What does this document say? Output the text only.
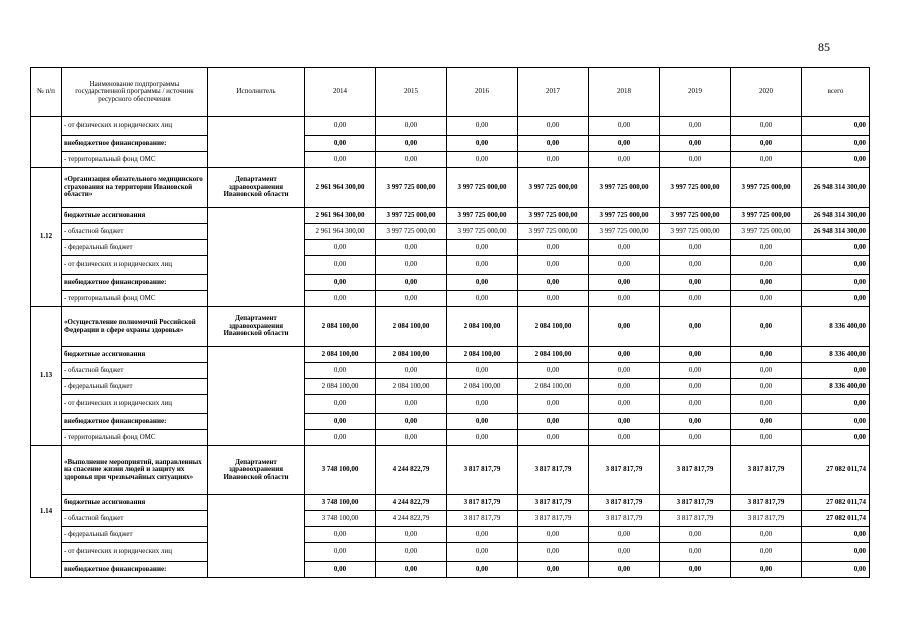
85
№ п/п	Наименование подпрограммы государственной программы / источник ресурсного обеспечения	Исполнитель	2014	2015	2016	2017	2018	2019	2020	всего
	- от физических и юридических лиц		0,00	0,00	0,00	0,00	0,00	0,00	0,00	0,00
	внебюджетное финансирование:		0,00	0,00	0,00	0,00	0,00	0,00	0,00	0,00
	- территориальный фонд ОМС		0,00	0,00	0,00	0,00	0,00	0,00	0,00	0,00
1.12	«Организация обязательного медицинского страхования на территории Ивановской области»	Департамент здравоохранения Ивановской области	2 961 964 300,00	3 997 725 000,00	3 997 725 000,00	3 997 725 000,00	3 997 725 000,00	3 997 725 000,00	3 997 725 000,00	26 948 314 300,00
	бюджетные ассигнования		2 961 964 300,00	3 997 725 000,00	3 997 725 000,00	3 997 725 000,00	3 997 725 000,00	3 997 725 000,00	3 997 725 000,00	26 948 314 300,00
	- областной бюджет		2 961 964 300,00	3 997 725 000,00	3 997 725 000,00	3 997 725 000,00	3 997 725 000,00	3 997 725 000,00	3 997 725 000,00	26 948 314 300,00
	- федеральный бюджет		0,00	0,00	0,00	0,00	0,00	0,00	0,00	0,00
	- от физических и юридических лиц		0,00	0,00	0,00	0,00	0,00	0,00	0,00	0,00
	внебюджетное финансирование:		0,00	0,00	0,00	0,00	0,00	0,00	0,00	0,00
	- территориальный фонд ОМС		0,00	0,00	0,00	0,00	0,00	0,00	0,00	0,00
1.13	«Осуществление полномочий Российской Федерации в сфере охраны здоровья»	Департамент здравоохранения Ивановской области	2 084 100,00	2 084 100,00	2 084 100,00	2 084 100,00	0,00	0,00	0,00	8 336 400,00
	бюджетные ассигнования		2 084 100,00	2 084 100,00	2 084 100,00	2 084 100,00	0,00	0,00	0,00	8 336 400,00
	- областной бюджет		0,00	0,00	0,00	0,00	0,00	0,00	0,00	0,00
	- федеральный бюджет		2 084 100,00	2 084 100,00	2 084 100,00	2 084 100,00	0,00	0,00	0,00	8 336 400,00
	- от физических и юридических лиц		0,00	0,00	0,00	0,00	0,00	0,00	0,00	0,00
	внебюджетное финансирование:		0,00	0,00	0,00	0,00	0,00	0,00	0,00	0,00
	- территориальный фонд ОМС		0,00	0,00	0,00	0,00	0,00	0,00	0,00	0,00
1.14	«Выполнение мероприятий, направленных на спасение жизни людей и защиту их здоровья при чрезвычайных ситуациях»	Департамент здравоохранения Ивановской области	3 748 100,00	4 244 822,79	3 817 817,79	3 817 817,79	3 817 817,79	3 817 817,79	3 817 817,79	27 082 011,74
	бюджетные ассигнования		3 748 100,00	4 244 822,79	3 817 817,79	3 817 817,79	3 817 817,79	3 817 817,79	3 817 817,79	27 082 011,74
	- областной бюджет		3 748 100,00	4 244 822,79	3 817 817,79	3 817 817,79	3 817 817,79	3 817 817,79	3 817 817,79	27 082 011,74
	- федеральный бюджет		0,00	0,00	0,00	0,00	0,00	0,00	0,00	0,00
	- от физических и юридических лиц		0,00	0,00	0,00	0,00	0,00	0,00	0,00	0,00
	внебюджетное финансирование:		0,00	0,00	0,00	0,00	0,00	0,00	0,00	0,00
